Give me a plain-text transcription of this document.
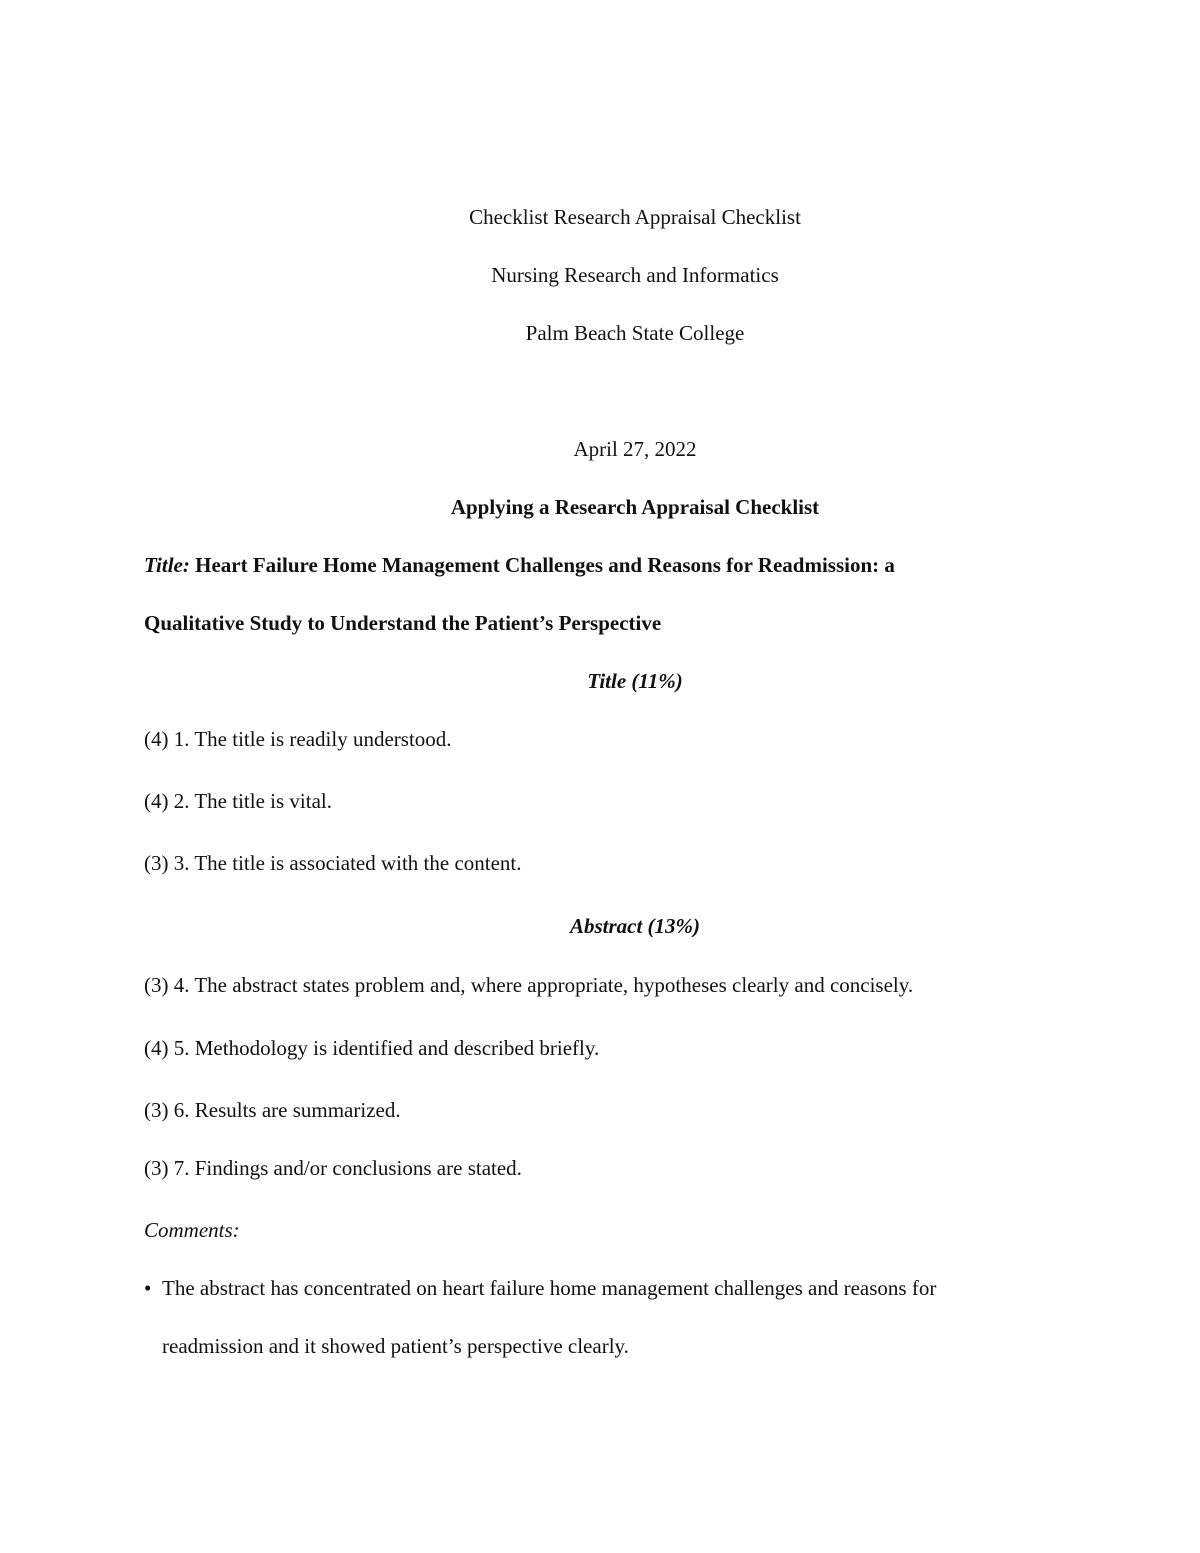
Checklist Research Appraisal Checklist
Nursing Research and Informatics
Palm Beach State College
April 27, 2022
Applying a Research Appraisal Checklist
Title: Heart Failure Home Management Challenges and Reasons for Readmission: a
Qualitative Study to Understand the Patient’s Perspective
Title (11%)
(4) 1. The title is readily understood.
(4) 2. The title is vital.
(3) 3. The title is associated with the content.
Abstract (13%)
(3) 4. The abstract states problem and, where appropriate, hypotheses clearly and concisely.
(4) 5. Methodology is identified and described briefly.
(3) 6. Results are summarized.
(3) 7. Findings and/or conclusions are stated.
Comments:
• The abstract has concentrated on heart failure home management challenges and reasons for
readmission and it showed patient’s perspective clearly.
